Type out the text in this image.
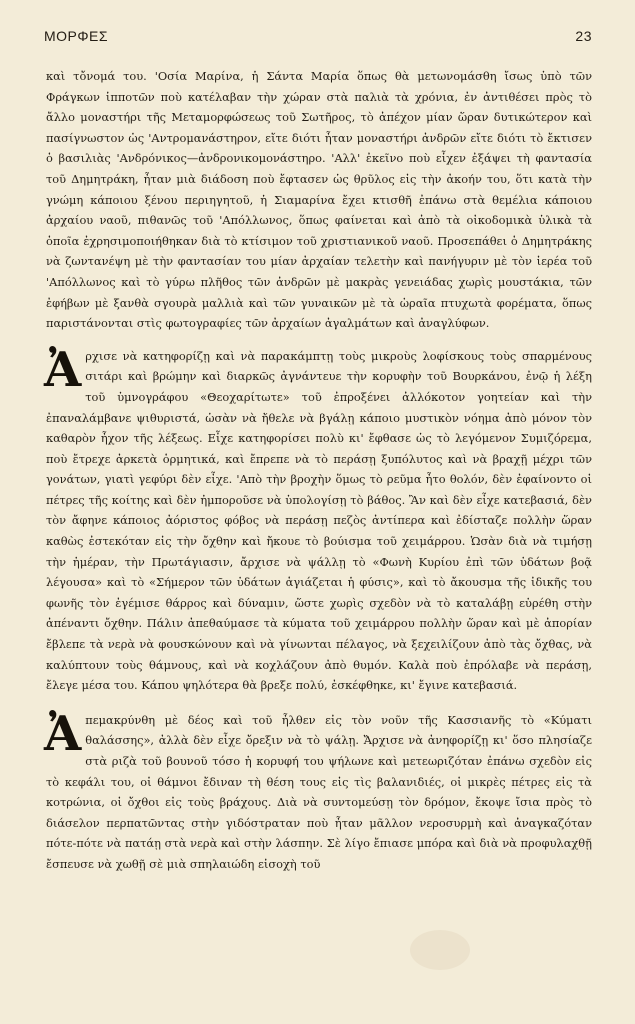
ΜΟΡΦΕΣ	23

καὶ τὄνομά του. 'Οσία Μαρίνα, ἡ Σάντα Μαρία ὅπως θὰ μετωνομάσθη ἴσως ὑπὸ τῶν Φράγκων ἱπποτῶν ποὺ κατέλαβαν τὴν χώραν στὰ παλιὰ τὰ χρόνια, ἐν ἀντιθέσει πρὸς τὸ ἄλλο μοναστήρι τῆς Μεταμορφώσεως τοῦ Σωτῆρος, τὸ ἀπέχον μίαν ὥραν δυτικώτερον καὶ πασίγνωστον ὡς 'Αντρομανάστηρον, εἴτε διότι ἦταν μοναστήρι ἀνδρῶν εἴτε διότι τὸ ἔκτισεν ὁ βασιλιὰς 'Ανδρόνικος—ἀνδρονικομονάστηρο. 'Αλλ' ἐκεῖνο ποὺ εἶχεν ἐξάψει τὴ φαντασία τοῦ Δημητράκη, ἦταν μιὰ διάδοση ποὺ ἔφτασεν ὡς θρῦλος εἰς τὴν ἀκοήν του, ὅτι κατὰ τὴν γνώμη κάποιου ξένου περιηγητοῦ, ἡ Σιαμαρίνα ἔχει κτισθῆ ἐπάνω στὰ θεμέλια κάποιου ἀρχαίου ναοῦ, πιθανῶς τοῦ 'Απόλλωνος, ὅπως φαίνεται καὶ ἀπὸ τὰ οἰκοδομικὰ ὑλικὰ τὰ ὁποῖα ἐχρησιμοποιήθηκαν διὰ τὸ κτίσιμον τοῦ χριστιανικοῦ ναοῦ. Προσεπάθει ὁ Δημητράκης νὰ ζωντανέψη μὲ τὴν φαντασίαν του μίαν ἀρχαίαν τελετὴν καὶ πανήγυριν μὲ τὸν ἱερέα τοῦ 'Απόλλωνος καὶ τὸ γύρω πλῆθος τῶν ἀνδρῶν μὲ μακρὰς γενειάδας χωρὶς μουστάκια, τῶν ἐφήβων μὲ ξανθὰ σγουρὰ μαλλιὰ καὶ τῶν γυναικῶν μὲ τὰ ὡραῖα πτυχωτὰ φορέματα, ὅπως παριστάνονται στὶς φωτογραφίες τῶν ἀρχαίων ἀγαλμάτων καὶ ἀναγλύφων.

Ἀ ρχισε νὰ κατηφορίζῃ καὶ νὰ παρακάμπτῃ τοὺς μικροὺς λοφίσκους τοὺς σπαρμένους σιτάρι καὶ βρώμην καὶ διαρκῶς ἀγνάντευε τὴν κορυφὴν τοῦ Βουρκάνου, ἐνῷ ἡ λέξη τοῦ ὑμνογράφου «Θεοχαρίτωτε» τοῦ ἐπροξένει ἀλλόκοτον γοητείαν καὶ τὴν ἐπαναλάμβανε ψιθυριστά, ὡσὰν νὰ ἤθελε νὰ βγάλῃ κάποιο μυστικὸν νόημα ἀπὸ μόνον τὸν καθαρὸν ἦχον τῆς λέξεως. Εἶχε κατηφορίσει πολὺ κι' ἔφθασε ὡς τὸ λεγόμενον Συμιζόρεμα, ποὺ ἔτρεχε ἀρκετὰ ὁρμητικά, καὶ ἔπρεπε νὰ τὸ περάσῃ ξυπόλυτος καὶ νὰ βραχῇ μέχρι τῶν γονάτων, γιατὶ γεφύρι δὲν εἶχε. 'Απὸ τὴν βροχὴν ὅμως τὸ ρεῦμα ἦτο θολόν, δὲν ἐφαίνοντο οἱ πέτρες τῆς κοίτης καὶ δὲν ἠμποροῦσε νὰ ὑπολογίσῃ τὸ βάθος. Ἂν καὶ δὲν εἶχε κατεβασιά, δὲν τὸν ἄφηνε κάποιος ἀόριστος φόβος νὰ περάσῃ πεζὸς ἀντίπερα καὶ ἐδίσταζε πολλὴν ὥραν καθὼς ἐστεκόταν εἰς τὴν ὄχθην καὶ ἤκουε τὸ βούισμα τοῦ χειμάρρου. Ὡσὰν διὰ νὰ τιμήσῃ τὴν ἡμέραν, τὴν Πρωτάγιασιν, ἄρχισε νὰ ψάλλῃ τὸ «Φωνὴ Κυρίου ἐπὶ τῶν ὑδάτων βοᾷ λέγουσα» καὶ τὸ «Σήμερον τῶν ὑδάτων ἁγιάζεται ἡ φύσις», καὶ τὸ ἄκουσμα τῆς ἰδικῆς του φωνῆς τὸν ἐγέμισε θάρρος καὶ δύναμιν, ὥστε χωρὶς σχεδὸν νὰ τὸ καταλάβῃ εὑρέθη στὴν ἀπέναντι ὄχθην. Πάλιν ἀπεθαύμασε τὰ κύματα τοῦ χειμάρρου πολλὴν ὥραν καὶ μὲ ἀπορίαν ἔβλεπε τὰ νερὰ νὰ φουσκώνουν καὶ νὰ γίνωνται πέλαγος, νὰ ξεχειλίζουν ἀπὸ τὰς ὄχθας, νὰ καλύπτουν τοὺς θάμνους, καὶ νὰ κοχλάζουν ἀπὸ θυμόν. Καλὰ ποὺ ἐπρόλαβε νὰ περάσῃ, ἔλεγε μέσα του. Κάπου ψηλότερα θὰ βρεξε πολύ, ἐσκέφθηκε, κι' ἔγινε κατεβασιά.

Ἀ πεμακρύνθη μὲ δέος καὶ τοῦ ἦλθεν εἰς τὸν νοῦν τῆς Κασσιανῆς τὸ «Κύματι θαλάσσης», ἀλλὰ δὲν εἶχε ὄρεξιν νὰ τὸ ψάλῃ. Ἄρχισε νὰ ἀνηφορίζῃ κι' ὅσο πλησίαζε στὰ ριζὰ τοῦ βουνοῦ τόσο ἡ κορυφή του ψήλωνε καὶ μετεωριζόταν ἐπάνω σχεδὸν εἰς τὸ κεφάλι του, οἱ θάμνοι ἔδιναν τὴ θέση τους εἰς τὶς βαλανιδιές, οἱ μικρὲς πέτρες εἰς τὰ κοτρώνια, οἱ ὄχθοι εἰς τοὺς βράχους. Διὰ νὰ συντομεύσῃ τὸν δρόμον, ἔκοψε ἴσια πρὸς τὸ διάσελον περπατῶντας στὴν γιδόστραταν ποὺ ἦταν μᾶλλον νεροσυρμὴ καὶ ἀναγκαζόταν πότε-πότε νὰ πατάῃ στὰ νερὰ καὶ στὴν λάσπην. Σὲ λίγο ἔπιασε μπόρα καὶ διὰ νὰ προφυλαχθῇ ἔσπευσε νὰ χωθῇ σὲ μιὰ σπηλαιώδη εἰσοχὴ τοῦ
